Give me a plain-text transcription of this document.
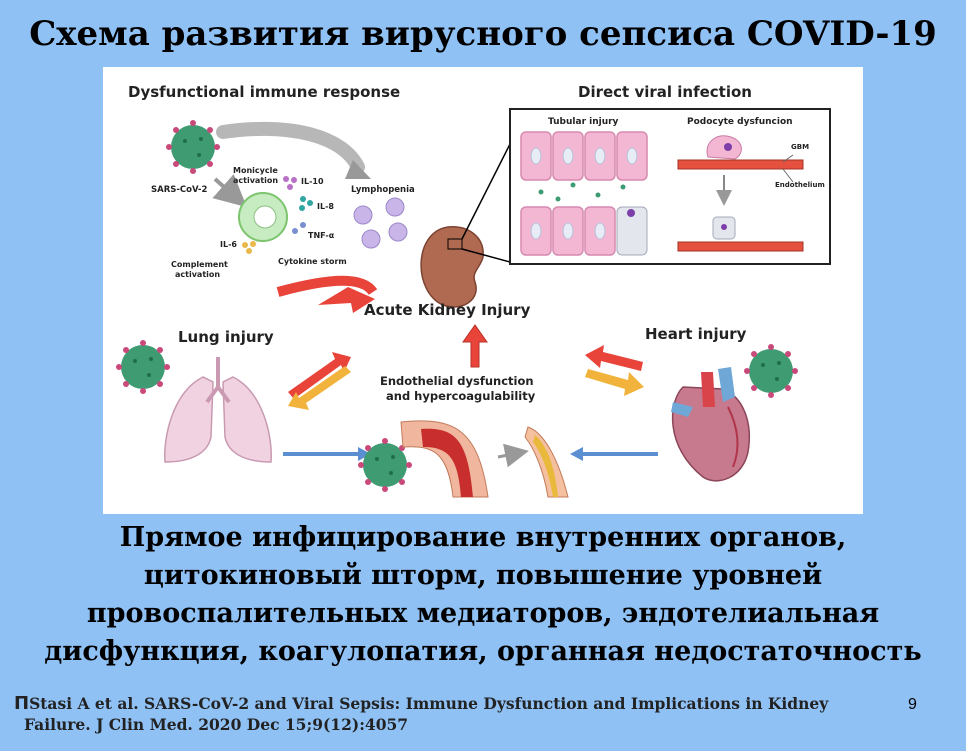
Схема развития вирусного сепсиса COVID-19
Dysfunctional immune response
SARS-CoV-2
Monicycle
activation	IL-10
IL-8
IL-6
TNF-α
Lymphopenia
Complement
activation
Cytokine storm
Acute Kidney Injury
Direct viral infection
Tubular injury	Podocyte dysfuncion
GBM
Endothelium
Lung injury
Endothelial dysfunction
and hypercoagulability
Heart injury
Прямое инфицирование внутренних органов,
цитокиновый шторм, повышение уровней
провоспалительных медиаторов, эндотелиальная
дисфункция, коагулопатия, органная недостаточность
ПStasi A et al. SARS-CoV-2 and Viral Sepsis: Immune Dysfunction and Implications in Kidney
Failure. J Clin Med. 2020 Dec 15;9(12):4057
9
